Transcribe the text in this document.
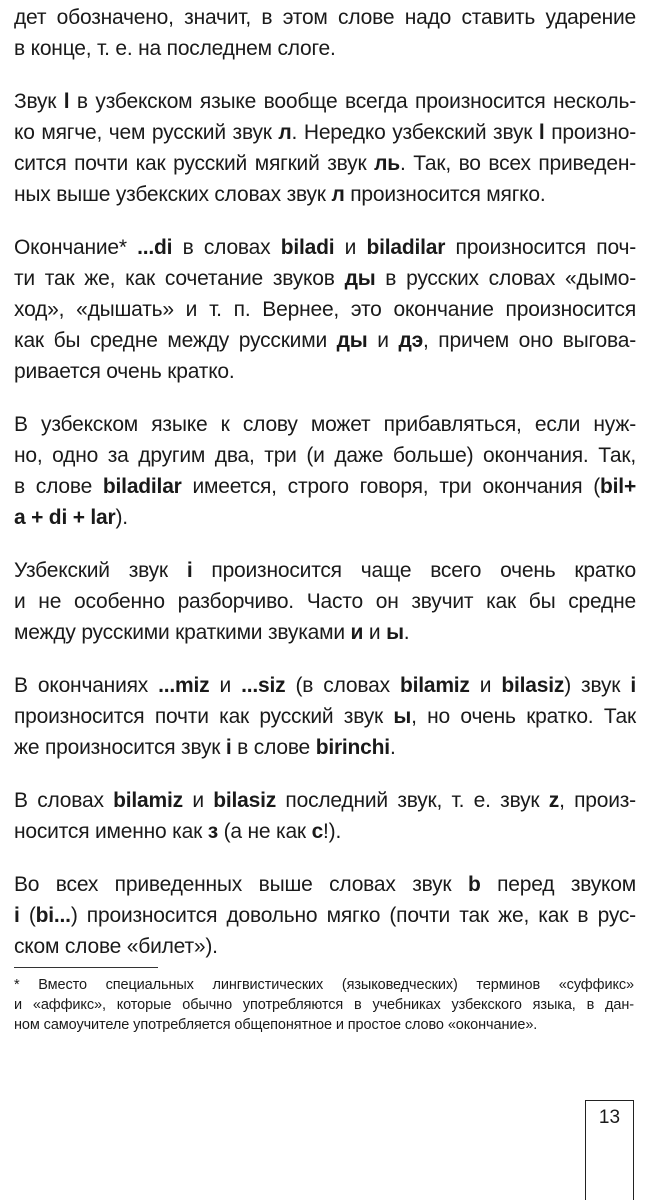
дет обозначено, значит, в этом слове надо ставить ударение
в конце, т. е. на последнем слоге.

Звук l в узбекском языке вообще всегда произносится несколь-
ко мягче, чем русский звук л. Нередко узбекский звук l произно-
сится почти как русский мягкий звук ль. Так, во всех приведен-
ных выше узбекских словах звук л произносится мягко.

Окончание* ...di в словах biladi и biladilar произносится поч-
ти так же, как сочетание звуков ды в русских словах «дымо-
ход», «дышать» и т. п. Вернее, это окончание произносится
как бы средне между русскими ды и дэ, причем оно выгова-
ривается очень кратко.

В узбекском языке к слову может прибавляться, если нуж-
но, одно за другим два, три (и даже больше) окончания. Так,
в слове biladilar имеется, строго говоря, три окончания (bil+
a + di + lar).

Узбекский звук i произносится чаще всего очень кратко
и не особенно разборчиво. Часто он звучит как бы средне
между русскими краткими звуками и и ы.

В окончаниях ...miz и ...siz (в словах bilamiz и bilasiz) звук i
произносится почти как русский звук ы, но очень кратко. Так
же произносится звук i в слове birinchi.

В словах bilamiz и bilasiz последний звук, т. е. звук z, произ-
носится именно как з (а не как с!).

Во всех приведенных выше словах звук b перед звуком
i (bi...) произносится довольно мягко (почти так же, как в рус-
ском слове «билет»).

* Вместо специальных лингвистических (языковедческих) терминов «суффикс»
и «аффикс», которые обычно употребляются в учебниках узбекского языка, в дан-
ном самоучителе употребляется общепонятное и простое слово «окончание».
13
